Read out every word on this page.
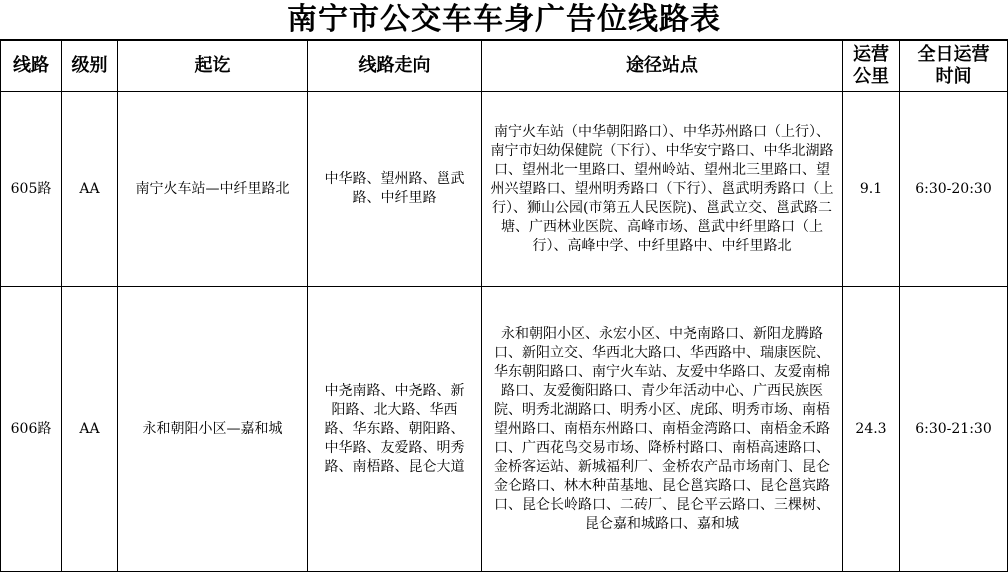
南宁市公交车车身广告位线路表
线路	级别	起讫	线路走向	途径站点	运营公里	全日运营时间
605路	AA	南宁火车站—中纤里路北	中华路、望州路、邕武路、中纤里路	南宁火车站（中华朝阳路口）、中华苏州路口（上行）、南宁市妇幼保健院（下行）、中华安宁路口、中华北湖路口、望州北一里路口、望州岭站、望州北三里路口、望州兴望路口、望州明秀路口（下行）、邕武明秀路口（上行）、狮山公园(市第五人民医院)、邕武立交、邕武路二塘、广西林业医院、高峰市场、邕武中纤里路口（上行）、高峰中学、中纤里路中、中纤里路北	9.1	6:30-20:30
606路	AA	永和朝阳小区—嘉和城	中尧南路、中尧路、新阳路、北大路、华西路、华东路、朝阳路、中华路、友爱路、明秀路、南梧路、昆仑大道	永和朝阳小区、永宏小区、中尧南路口、新阳龙腾路口、新阳立交、华西北大路口、华西路中、瑞康医院、华东朝阳路口、南宁火车站、友爱中华路口、友爱南棉路口、友爱衡阳路口、青少年活动中心、广西民族医院、明秀北湖路口、明秀小区、虎邱、明秀市场、南梧望州路口、南梧东州路口、南梧金湾路口、南梧金禾路口、广西花鸟交易市场、降桥村路口、南梧高速路口、金桥客运站、新城福利厂、金桥农产品市场南门、昆仑金仑路口、林木种苗基地、昆仑邕宾路口、昆仑邕宾路口、昆仑长岭路口、二砖厂、昆仑平云路口、三棵树、昆仑嘉和城路口、嘉和城	24.3	6:30-21:30
